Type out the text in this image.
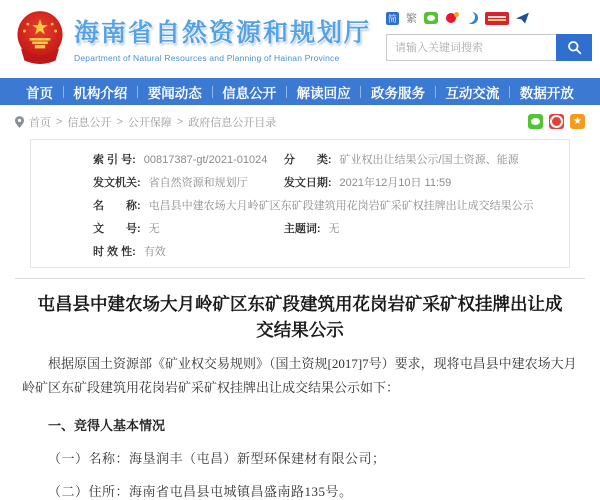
海南省自然资源和规划厅
Department of Natural Resources and Planning of Hainan Province
简 繁
请输入关键词搜索
首页 机构介绍 要闻动态 信息公开 解读回应 政务服务 互动交流 数据开放
首页 > 信息公开 > 公开保障 > 政府信息公开目录	★
索 引 号: 00817387-gt/2021-01024 分　　类: 矿业权出让结果公示/国土资源、能源
发文机关: 省自然资源和规划厅	发文日期: 2021年12月10日 11:59
名　　称: 屯昌县中建农场大月岭矿区东矿段建筑用花岗岩矿采矿权挂牌出让成交结果公示
文　　号: 无	主题词: 无
时 效 性: 有效
屯昌县中建农场大月岭矿区东矿段建筑用花岗岩矿采矿权挂牌出让成交结果公示
根据原国土资源部《矿业权交易规则》（国土资规[2017]7号）要求，现将屯昌县中建农场大月岭矿区东矿段建筑用花岗岩矿采矿权挂牌出让成交结果公示如下：
一、竞得人基本情况
（一）名称：海垦润丰（屯昌）新型环保建材有限公司；
（二）住所：海南省屯昌县屯城镇昌盛南路135号。
